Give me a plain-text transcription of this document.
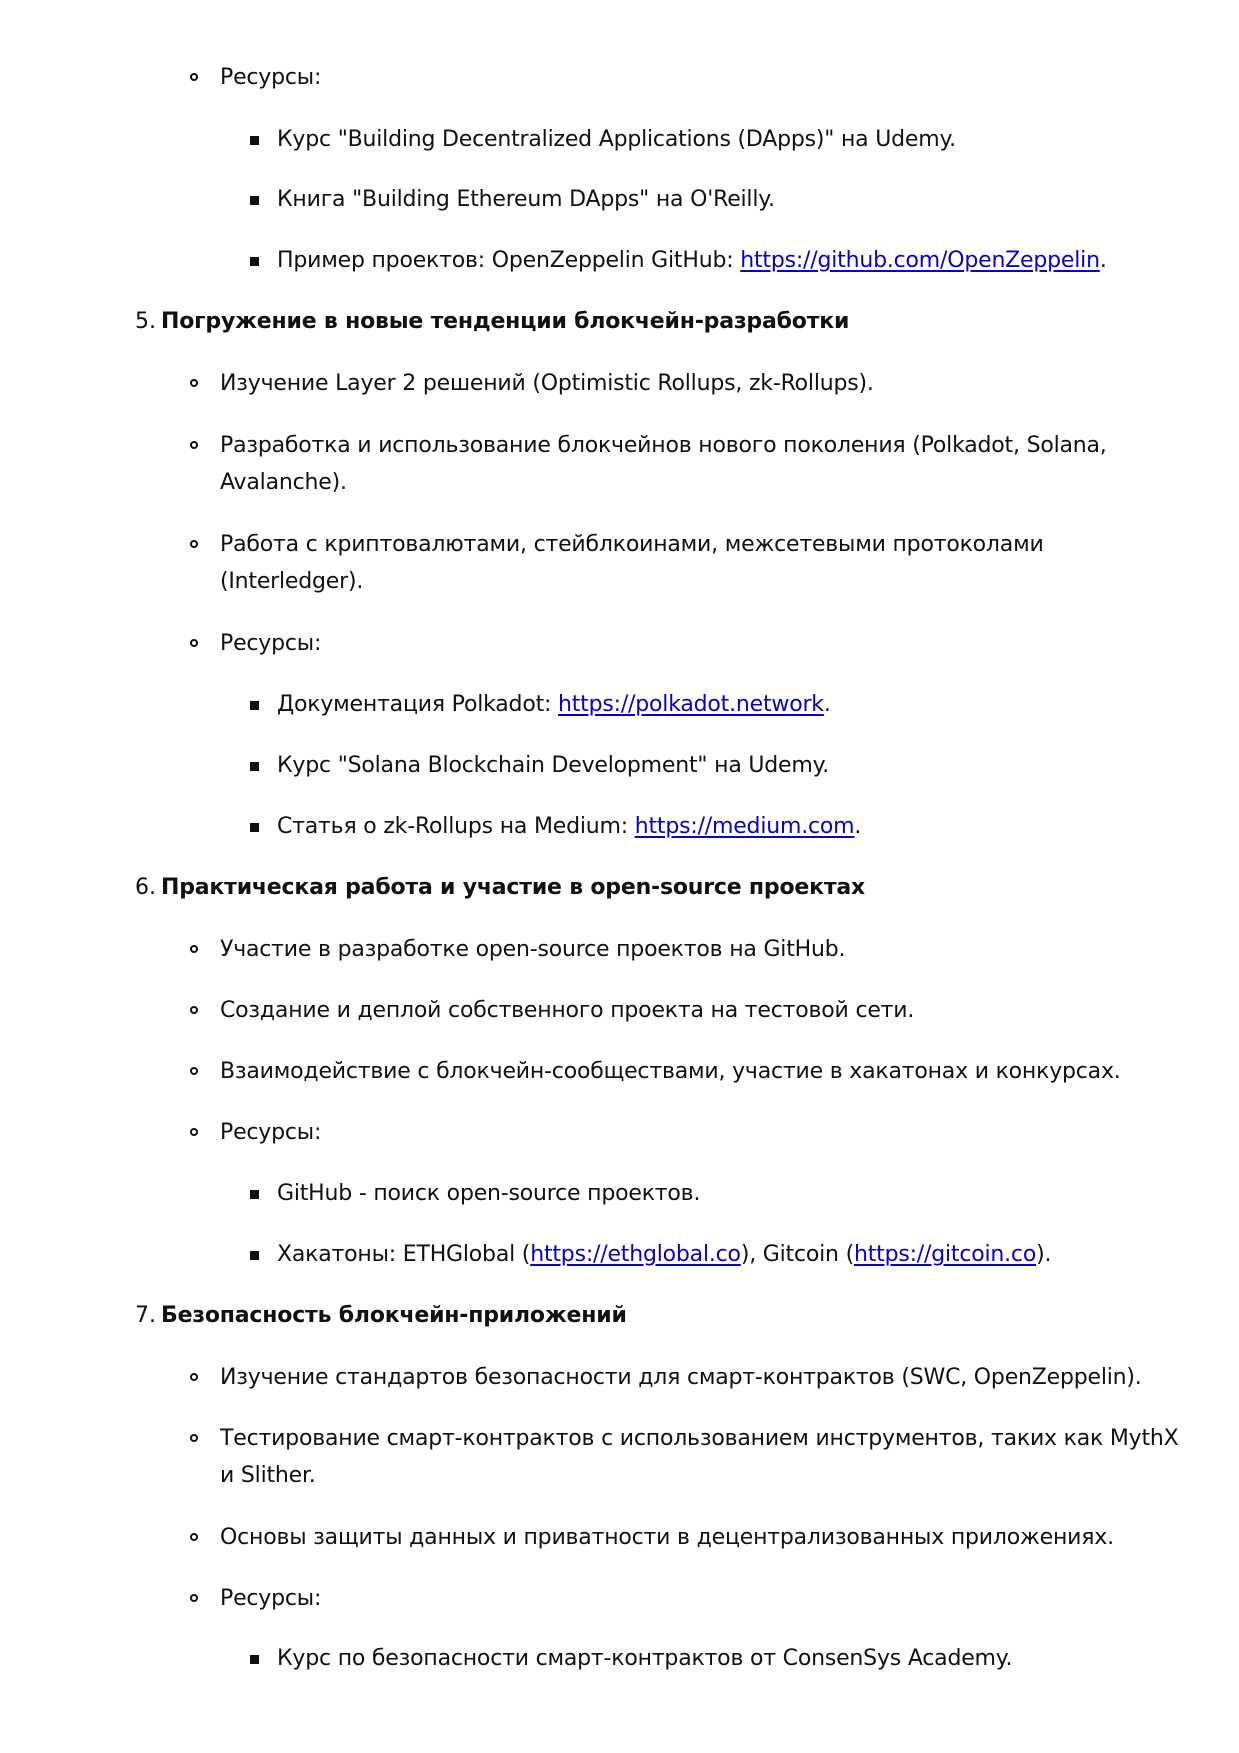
Ресурсы:
Курс "Building Decentralized Applications (DApps)" на Udemy.
Книга "Building Ethereum DApps" на O'Reilly.
Пример проектов: OpenZeppelin GitHub: https://github.com/OpenZeppelin.
5. Погружение в новые тенденции блокчейн-разработки
Изучение Layer 2 решений (Optimistic Rollups, zk-Rollups).
Разработка и использование блокчейнов нового поколения (Polkadot, Solana,
Avalanche).
Работа с криптовалютами, стейблкоинами, межсетевыми протоколами
(Interledger).
Ресурсы:
Документация Polkadot: https://polkadot.network.
Курс "Solana Blockchain Development" на Udemy.
Статья о zk-Rollups на Medium: https://medium.com.
6. Практическая работа и участие в open-source проектах
Участие в разработке open-source проектов на GitHub.
Создание и деплой собственного проекта на тестовой сети.
Взаимодействие с блокчейн-сообществами, участие в хакатонах и конкурсах.
Ресурсы:
GitHub - поиск open-source проектов.
Хакатоны: ETHGlobal (https://ethglobal.co), Gitcoin (https://gitcoin.co).
7. Безопасность блокчейн-приложений
Изучение стандартов безопасности для смарт-контрактов (SWC, OpenZeppelin).
Тестирование смарт-контрактов с использованием инструментов, таких как MythX
и Slither.
Основы защиты данных и приватности в децентрализованных приложениях.
Ресурсы:
Курс по безопасности смарт-контрактов от ConsenSys Academy.
